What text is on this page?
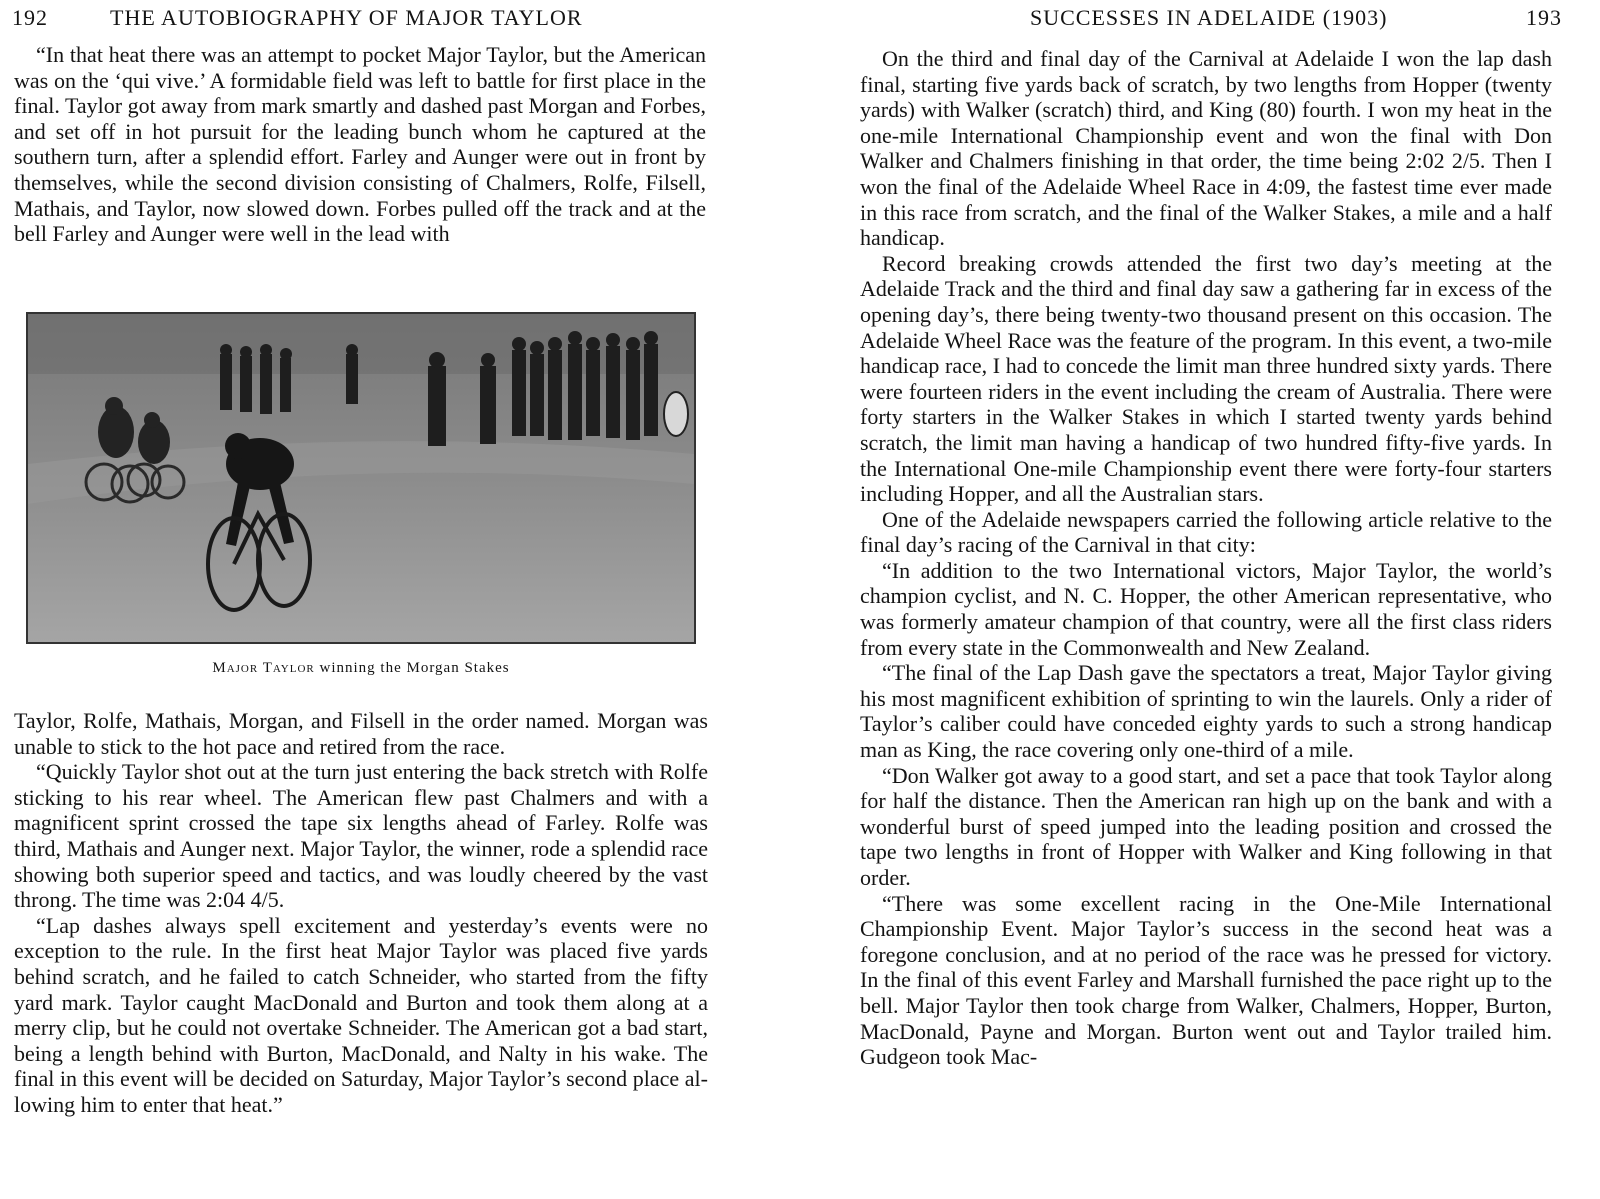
192	THE AUTOBIOGRAPHY OF MAJOR TAYLOR

“In that heat there was an attempt to pocket Major Taylor, but the American was on the ‘qui vive.’ A formidable field was left to battle for first place in the final. Taylor got away from mark smartly and dashed past Morgan and Forbes, and set off in hot pursuit for the leading bunch whom he captured at the southern turn, after a splendid effort. Farley and Aunger were out in front by themselves, while the second division consisting of Chalmers, Rolfe, Filsell, Mathais, and Taylor, now slowed down. Forbes pulled off the track and at the bell Farley and Aunger were well in the lead with

Major Taylor winning the Morgan Stakes

Taylor, Rolfe, Mathais, Morgan, and Filsell in the order named. Morgan was unable to stick to the hot pace and retired from the race.

“Quickly Taylor shot out at the turn just entering the back stretch with Rolfe sticking to his rear wheel. The American flew past Chalmers and with a magnificent sprint crossed the tape six lengths ahead of Farley. Rolfe was third, Mathais and Aunger next. Major Taylor, the winner, rode a splendid race showing both superior speed and tactics, and was loudly cheered by the vast throng. The time was 2:04 4/5.

“Lap dashes always spell excitement and yesterday’s events were no exception to the rule. In the first heat Major Taylor was placed five yards behind scratch, and he failed to catch Schneider, who started from the fifty yard mark. Taylor caught MacDonald and Burton and took them along at a merry clip, but he could not overtake Schneider. The American got a bad start, being a length behind with Burton, MacDonald, and Nalty in his wake. The final in this event will be decided on Saturday, Major Taylor’s second place allowing him to enter that heat.”

SUCCESSES IN ADELAIDE (1903)	193

On the third and final day of the Carnival at Adelaide I won the lap dash final, starting five yards back of scratch, by two lengths from Hopper (twenty yards) with Walker (scratch) third, and King (80) fourth. I won my heat in the one-mile International Championship event and won the final with Don Walker and Chalmers finishing in that order, the time being 2:02 2/5. Then I won the final of the Adelaide Wheel Race in 4:09, the fastest time ever made in this race from scratch, and the final of the Walker Stakes, a mile and a half handicap.

Record breaking crowds attended the first two day’s meeting at the Adelaide Track and the third and final day saw a gathering far in excess of the opening day’s, there being twenty-two thousand present on this occasion. The Adelaide Wheel Race was the feature of the program. In this event, a two-mile handicap race, I had to concede the limit man three hundred sixty yards. There were fourteen riders in the event including the cream of Australia. There were forty starters in the Walker Stakes in which I started twenty yards behind scratch, the limit man having a handicap of two hundred fifty-five yards. In the International One-mile Championship event there were forty-four starters including Hopper, and all the Australian stars.

One of the Adelaide newspapers carried the following article relative to the final day’s racing of the Carnival in that city:

“In addition to the two International victors, Major Taylor, the world’s champion cyclist, and N. C. Hopper, the other American representative, who was formerly amateur champion of that country, were all the first class riders from every state in the Commonwealth and New Zealand.

“The final of the Lap Dash gave the spectators a treat, Major Taylor giving his most magnificent exhibition of sprinting to win the laurels. Only a rider of Taylor’s caliber could have conceded eighty yards to such a strong handicap man as King, the race covering only one-third of a mile.

“Don Walker got away to a good start, and set a pace that took Taylor along for half the distance. Then the American ran high up on the bank and with a wonderful burst of speed jumped into the leading position and crossed the tape two lengths in front of Hopper with Walker and King following in that order.

“There was some excellent racing in the One-Mile International Championship Event. Major Taylor’s success in the second heat was a foregone conclusion, and at no period of the race was he pressed for victory. In the final of this event Farley and Marshall furnished the pace right up to the bell. Major Taylor then took charge from Walker, Chalmers, Hopper, Burton, MacDonald, Payne and Morgan. Burton went out and Taylor trailed him. Gudgeon took Mac-
